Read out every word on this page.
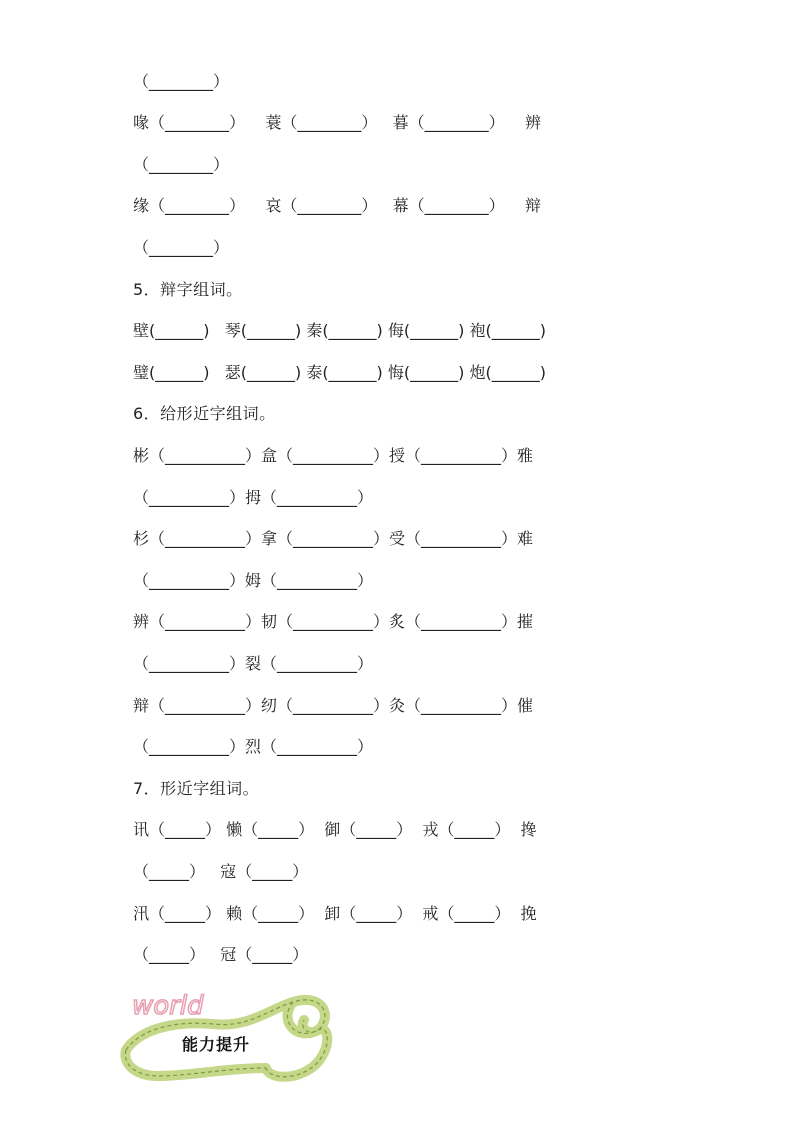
（________）
喙（________）    蓑（________）   暮（________）    辨
（________）
缘（________）    哀（________）   幕（________）    辩
（________）
5．辩字组词。
壁(______)   琴(______) 秦(______) 侮(______) 袍(______)
璧(______)   瑟(______) 泰(______) 悔(______) 炮(______)
6．给形近字组词。
彬（__________）盒（__________）授（__________）雅
（__________）拇（__________）
杉（__________）拿（__________）受（__________）难
（__________）姆（__________）
辨（__________）韧（__________）炙（__________）摧
（__________）裂（__________）
辩（__________）纫（__________）灸（__________）催
（__________）烈（__________）
7．形近字组词。
讯（_____） 懒（_____）  御（_____）  戎（_____）  搀
（_____）   寇（_____）
汛（_____） 赖（_____）  卸（_____）  戒（_____）  挽
（_____）   冠（_____）
world
能力提升
